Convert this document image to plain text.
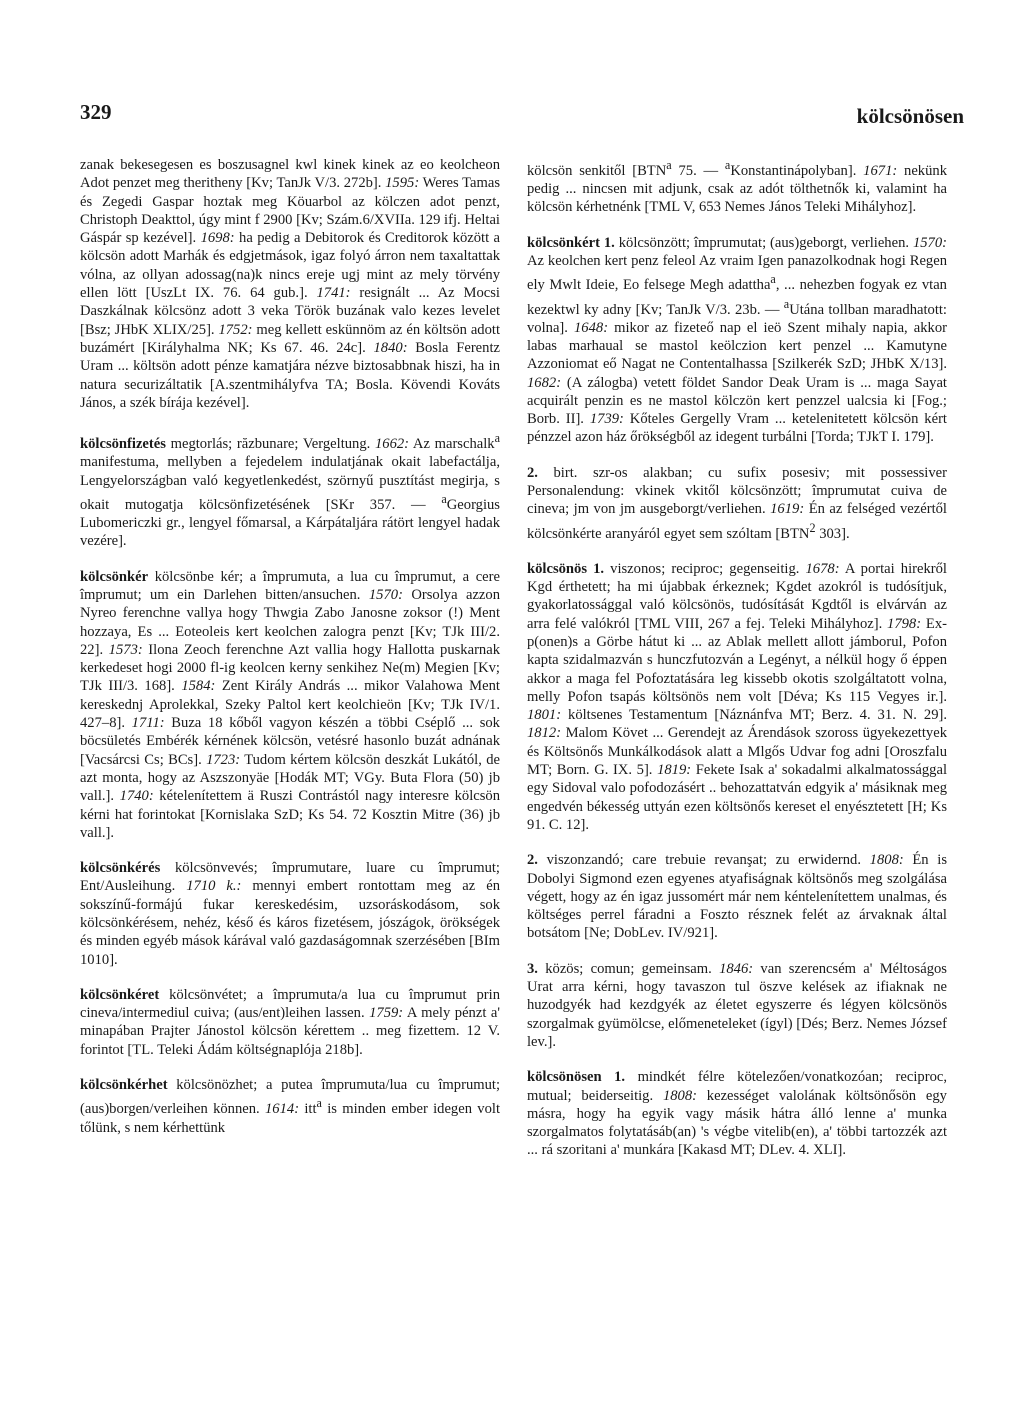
329	kölcsönösen

zanak bekesegesen es boszusagnel kwl kinek kinek az eo keolcheon Adot penzet meg theritheny [Kv; TanJk V/3. 272b]. 1595: Weres Tamas és Zegedi Gaspar hoztak meg Köuarbol az kölczen adot penzt, Christoph Deakttol, úgy mint f 2900 [Kv; Szám.6/XVIIa. 129 ifj. Heltai Gáspár sp kezével]. 1698: ha pedig a Debitorok és Creditorok között a kölcsön adott Marhák és edgjetmások, igaz folyó árron nem taxaltattak vólna, az ollyan adossag(na)k nincs ereje ugj mint az mely törvény ellen lött [UszLt IX. 76. 64 gub.]. 1741: resignált ... Az Mocsi Daszkálnak kölcsönz adott 3 veka Török buzának valo kezes levelet [Bsz; JHbK XLIX/25]. 1752: meg kellett eskünnöm az én költsön adott buzámért [Királyhalma NK; Ks 67. 46. 24c]. 1840: Bosla Ferentz Uram ... költsön adott pénze kamatjára nézve biztosabbnak hiszi, ha in natura securizáltatik [A.szentmihályfva TA; Bosla. Kövendi Kováts János, a szék bírája kezével].

kölcsönfizetés megtorlás; răzbunare; Vergeltung. 1662: Az marschalk$^a$ manifestuma, mellyben a fejedelem indulatjának okait labefactálja, Lengyelországban való kegyetlenkedést, szörnyű pusztítást megirja, s okait mutogatja kölcsönfizetésének [SKr 357. — $^a$Georgius Lubomericzki gr., lengyel főmarsal, a Kárpátaljára rátört lengyel hadak vezére].

kölcsönkér kölcsönbe kér; a împrumuta, a lua cu împrumut, a cere împrumut; um ein Darlehen bitten/ansuchen. 1570: Orsolya azzon Nyreo ferenchne vallya hogy Thwgia Zabo Janosne zoksor (!) Ment hozzaya, Es ... Eoteoleis kert keolchen zalogra penzt [Kv; TJk III/2. 22]. 1573: Ilona Zeoch ferenchne Azt vallia hogy Hallotta puskarnak kerkedeset hogi 2000 fl-ig keolcen kerny senkihez Ne(m) Megien [Kv; TJk III/3. 168]. 1584: Zent Király András ... mikor Valahowa Ment kereskednj Aprolekkal, Szeky Paltol kert keolchieön [Kv; TJk IV/1. 427–8]. 1711: Buza 18 kőből vagyon készén a többi Cséplő ... sok böcsületés Embérék kérnének kölcsön, vetésré hasonlo buzát adnának [Vacsárcsi Cs; BCs]. 1723: Tudom kértem kölcsön deszkát Lukától, de azt monta, hogy az Aszszonyäe [Hodák MT; VGy. Buta Flora (50) jb vall.]. 1740: kételenítettem ä Ruszi Contrástól nagy interesre kölcsön kérni hat forintokat [Kornislaka SzD; Ks 54. 72 Kosztin Mitre (36) jb vall.].

kölcsönkérés kölcsönvevés; împrumutare, luare cu împrumut; Ent/Ausleihung. 1710 k.: mennyi embert rontottam meg az én sokszínű-formájú fukar kereskedésim, uzsoráskodásom, sok kölcsönkérésem, nehéz, késő és káros fizetésem, jószágok, örökségek és minden egyéb mások kárával való gazdaságomnak szerzésében [BIm 1010].

kölcsönkéret kölcsönvétet; a împrumuta/a lua cu împrumut prin cineva/intermediul cuiva; (aus/ent)leihen lassen. 1759: A mely pénzt a' minapában Prajter Jánostol kölcsön kérettem .. meg fizettem. 12 V. forintot [TL. Teleki Ádám költségnaplója 218b].

kölcsönkérhet kölcsönözhet; a putea împrumuta/lua cu împrumut; (aus)borgen/verleihen können. 1614: itt$^a$ is minden ember idegen volt tőlünk, s nem kérhettünk

kölcsön senkitől [BTN$^a$ 75. — $^a$Konstantinápolyban]. 1671: nekünk pedig ... nincsen mit adjunk, csak az adót tölthetnők ki, valamint ha kölcsön kérhetnénk [TML V, 653 Nemes János Teleki Mihályhoz].

kölcsönkért 1. kölcsönzött; împrumutat; (aus)geborgt, verliehen. 1570: Az keolchen kert penz feleol Az vraim Igen panazolkodnak hogi Regen ely Mwlt Ideie, Eo felsege Megh adattha$^a$, ... nehezben fogyak ez vtan kezektwl ky adny [Kv; TanJk V/3. 23b. — $^a$Utána tollban maradhatott: volna]. 1648: mikor az fizeteő nap el ieö Szent mihaly napia, akkor labas marhaual se mastol keölczion kert penzel ... Kamutyne Azzoniomat eő Nagat ne Contentalhassa [Szilkerék SzD; JHbK X/13]. 1682: (A zálogba) vetett földet Sandor Deak Uram is ... maga Sayat acquirált penzin es ne mastol kölczön kert penzzel ualcsia ki [Fog.; Borb. II]. 1739: Kőteles Gergelly Vram ... ketelenitetett kölcsön kért pénzzel azon ház őrökségből az idegent turbálni [Torda; TJkT I. 179].

2. birt. szr-os alakban; cu sufix posesiv; mit possessiver Personalendung: vkinek vkitől kölcsönzött; împrumutat cuiva de cineva; jm von jm ausgeborgt/verliehen. 1619: Én az felséged vezértől kölcsönkérte aranyáról egyet sem szóltam [BTN$^2$ 303].

kölcsönös 1. viszonos; reciproc; gegenseitig. 1678: A portai hirekről Kgd érthetett; ha mi újabbak érkeznek; Kgdet azokról is tudósítjuk, gyakorlatossággal való kölcsönös, tudósítását Kgdtől is elvárván az arra felé valókról [TML VIII, 267 a fej. Teleki Mihályhoz]. 1798: Ex-p(onen)s a Görbe hátut ki ... az Ablak mellett allott jámborul, Pofon kapta szidalmazván s hunczfutozván a Legényt, a nélkül hogy ő éppen akkor a maga fel Pofoztatására leg kissebb okotis szolgáltatott volna, melly Pofon tsapás költsönös nem volt [Déva; Ks 115 Vegyes ir.]. 1801: költsenes Testamentum [Náznánfva MT; Berz. 4. 31. N. 29]. 1812: Malom Követ ... Gerendejt az Árendások szoross ügyekezettyek és Költsönős Munkálkodások alatt a Mlgős Udvar fog adni [Oroszfalu MT; Born. G. IX. 5]. 1819: Fekete Isak a' sokadalmi alkalmatossággal egy Sidoval valo pofodozásért .. behozattatván edgyik a' másiknak meg engedvén békesség uttyán ezen költsönős kereset el enyésztetett [H; Ks 91. C. 12].

2. viszonzandó; care trebuie revanşat; zu erwidernd. 1808: Én is Dobolyi Sigmond ezen egyenes atyafiságnak költsönős meg szolgálása végett, hogy az én igaz jussomért már nem kéntelenítettem unalmas, és költséges perrel fáradni a Foszto résznek felét az árvaknak által botsátom [Ne; DobLev. IV/921].

3. közös; comun; gemeinsam. 1846: van szerencsém a' Méltoságos Urat arra kérni, hogy tavaszon tul öszve kelések az ifiaknak ne huzodgyék had kezdgyék az életet egyszerre és légyen kölcsönös szorgalmak gyümölcse, előmeneteleket (ígyl) [Dés; Berz. Nemes József lev.].

kölcsönösen 1. mindkét félre kötelezően/vonatkozóan; reciproc, mutual; beiderseitig. 1808: kezességet valolának költsönősön egy másra, hogy ha egyik vagy másik hátra álló lenne a' munka szorgalmatos folytatásáb(an) 's végbe vitelib(en), a' többi tartozzék azt ... rá szoritani a' munkára [Kakasd MT; DLev. 4. XLI].
